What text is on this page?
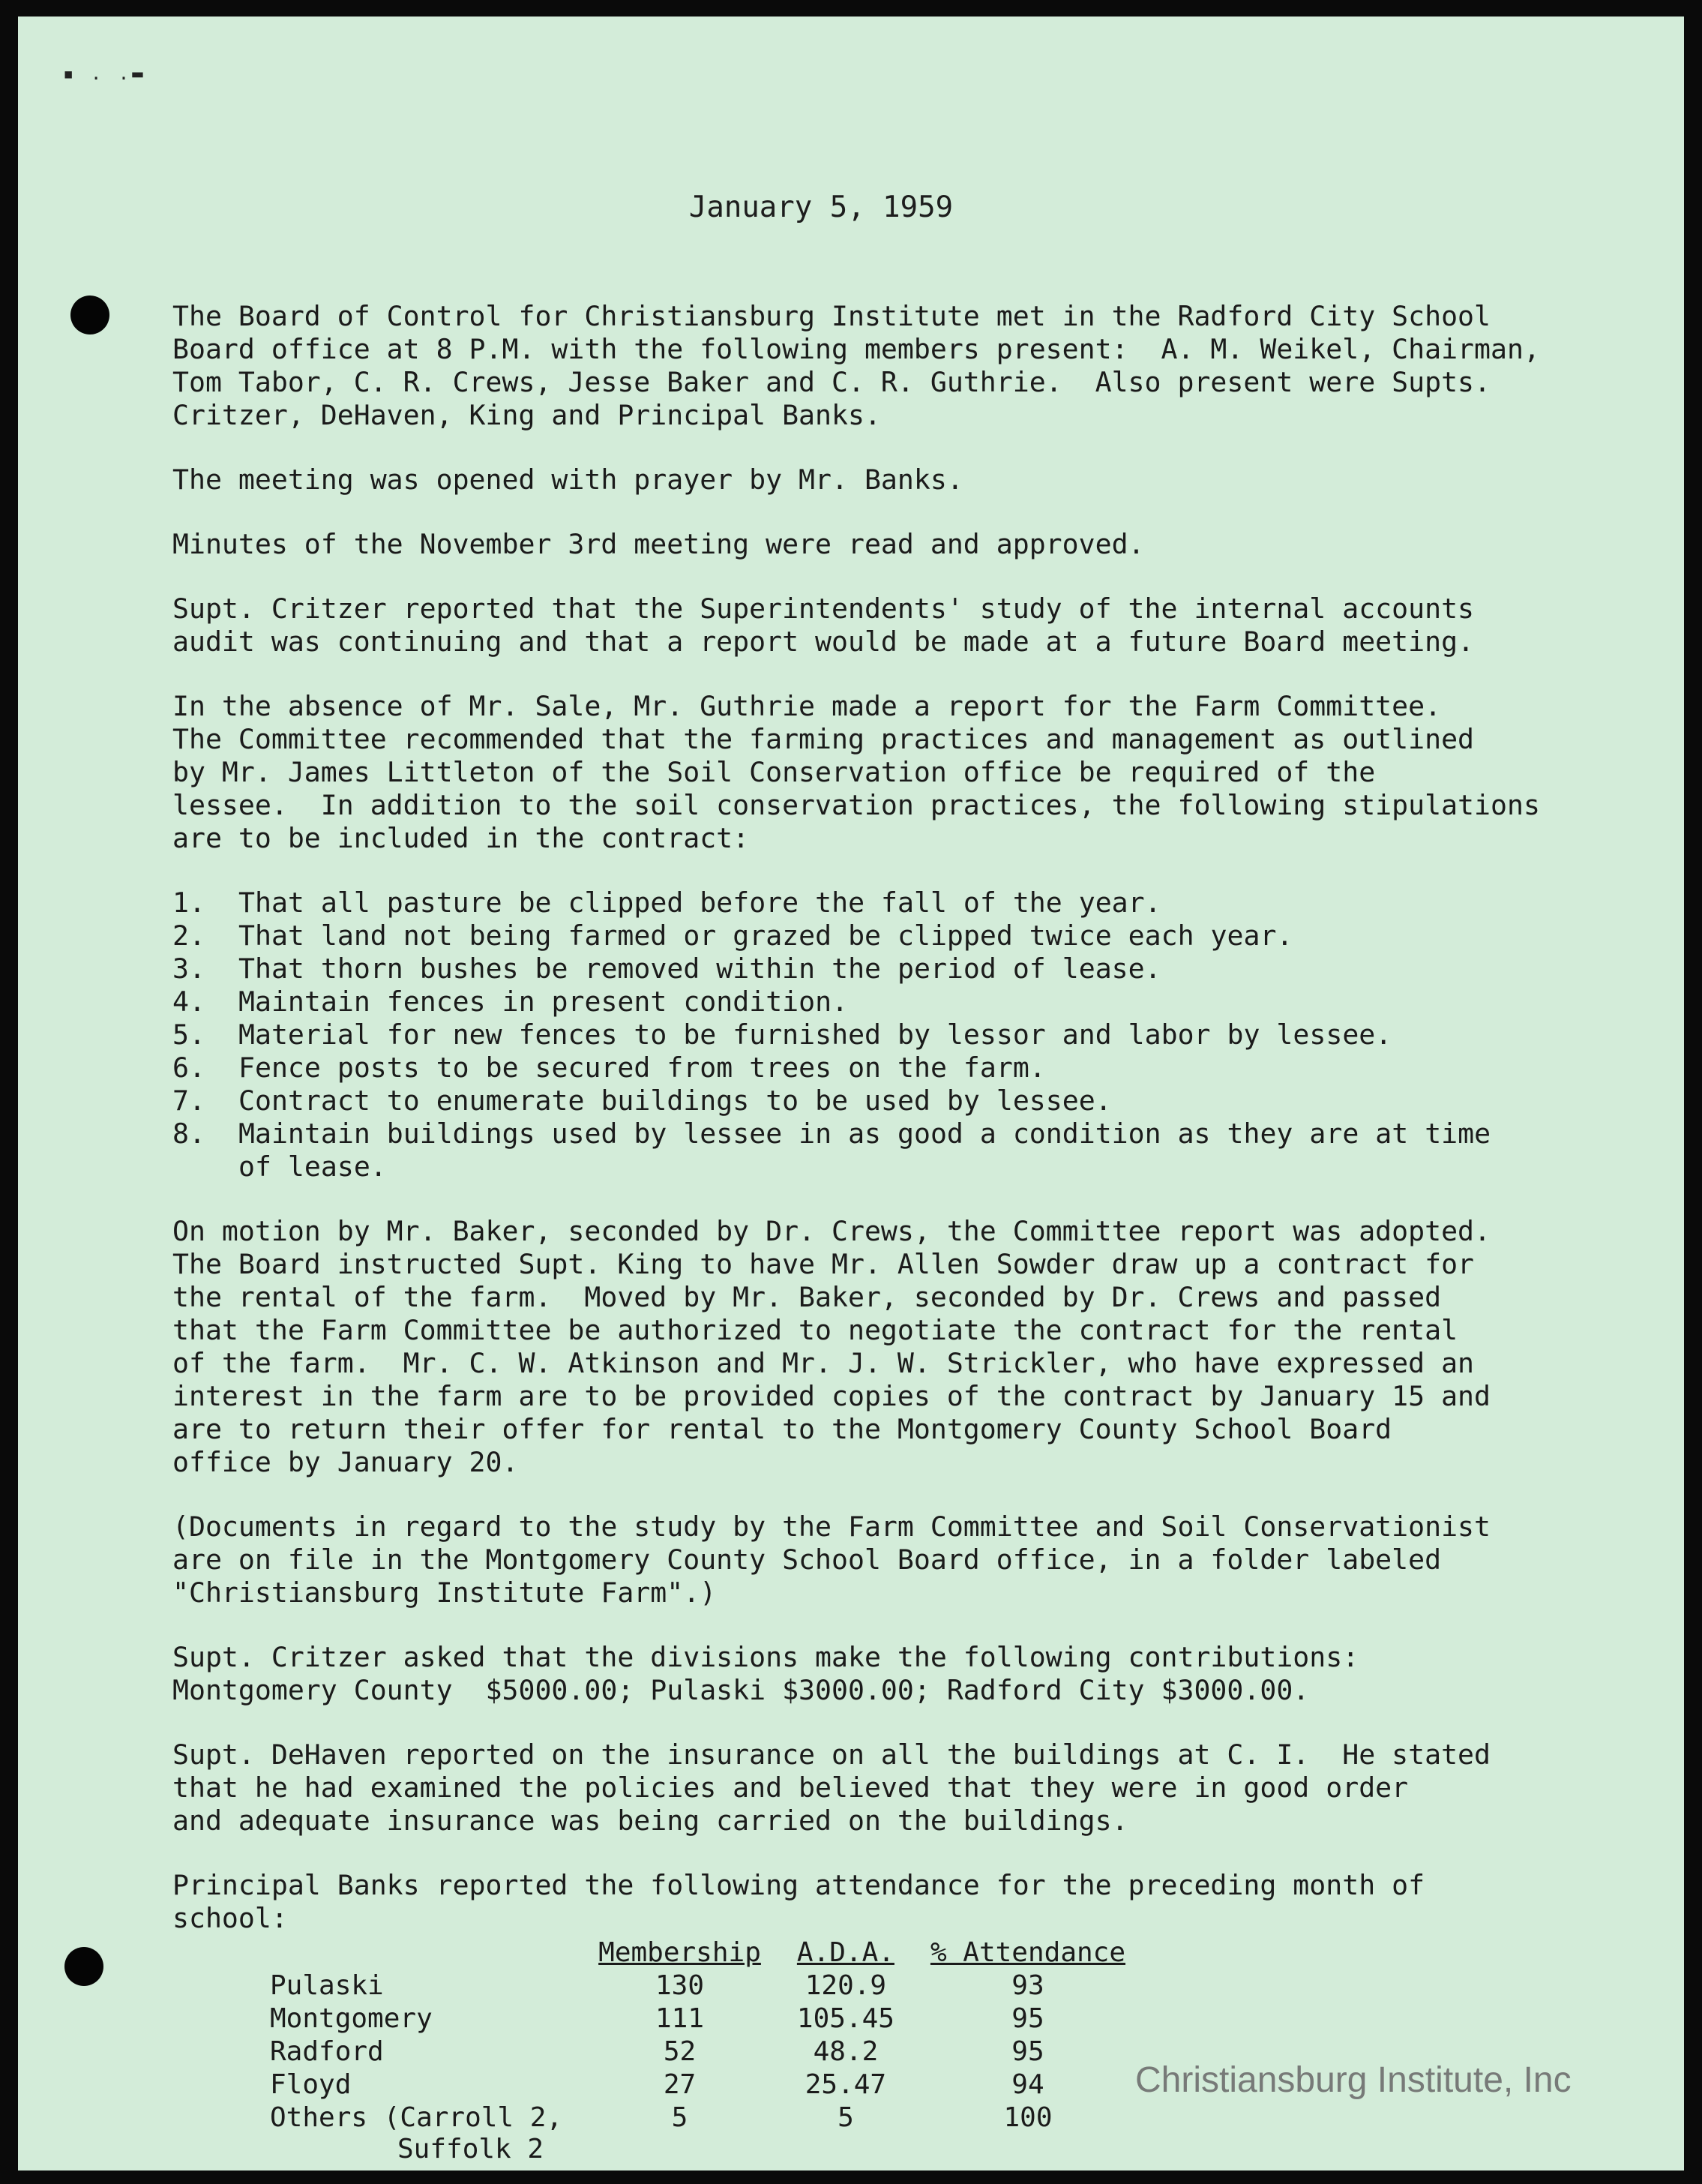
▪ . .▬
January 5, 1959

The Board of Control for Christiansburg Institute met in the Radford City School
Board office at 8 P.M. with the following members present:  A. M. Weikel, Chairman,
Tom Tabor, C. R. Crews, Jesse Baker and C. R. Guthrie.  Also present were Supts.
Critzer, DeHaven, King and Principal Banks.

The meeting was opened with prayer by Mr. Banks.

Minutes of the November 3rd meeting were read and approved.

Supt. Critzer reported that the Superintendents' study of the internal accounts
audit was continuing and that a report would be made at a future Board meeting.

In the absence of Mr. Sale, Mr. Guthrie made a report for the Farm Committee.
The Committee recommended that the farming practices and management as outlined
by Mr. James Littleton of the Soil Conservation office be required of the
lessee.  In addition to the soil conservation practices, the following stipulations
are to be included in the contract:

1.	That all pasture be clipped before the fall of the year.
2.	That land not being farmed or grazed be clipped twice each year.
3.	That thorn bushes be removed within the period of lease.
4.	Maintain fences in present condition.
5.	Material for new fences to be furnished by lessor and labor by lessee.
6.	Fence posts to be secured from trees on the farm.
7.	Contract to enumerate buildings to be used by lessee.
8.	Maintain buildings used by lessee in as good a condition as they are at time
of lease.

On motion by Mr. Baker, seconded by Dr. Crews, the Committee report was adopted.
The Board instructed Supt. King to have Mr. Allen Sowder draw up a contract for
the rental of the farm.  Moved by Mr. Baker, seconded by Dr. Crews and passed
that the Farm Committee be authorized to negotiate the contract for the rental
of the farm.  Mr. C. W. Atkinson and Mr. J. W. Strickler, who have expressed an
interest in the farm are to be provided copies of the contract by January 15 and
are to return their offer for rental to the Montgomery County School Board
office by January 20.

(Documents in regard to the study by the Farm Committee and Soil Conservationist
are on file in the Montgomery County School Board office, in a folder labeled
"Christiansburg Institute Farm".)

Supt. Critzer asked that the divisions make the following contributions:
Montgomery County  $5000.00; Pulaski $3000.00; Radford City $3000.00.

Supt. DeHaven reported on the insurance on all the buildings at C. I.  He stated
that he had examined the policies and believed that they were in good order
and adequate insurance was being carried on the buildings.

Principal Banks reported the following attendance for the preceding month of
school:

	Membership	A.D.A.	% Attendance
Pulaski	130	120.9	93
Montgomery	111	105.45	95
Radford	52	48.2	95
Floyd	27	25.47	94
Others (Carroll 2,
Suffolk 2	5	5	100
Christiansburg Institute, Inc
